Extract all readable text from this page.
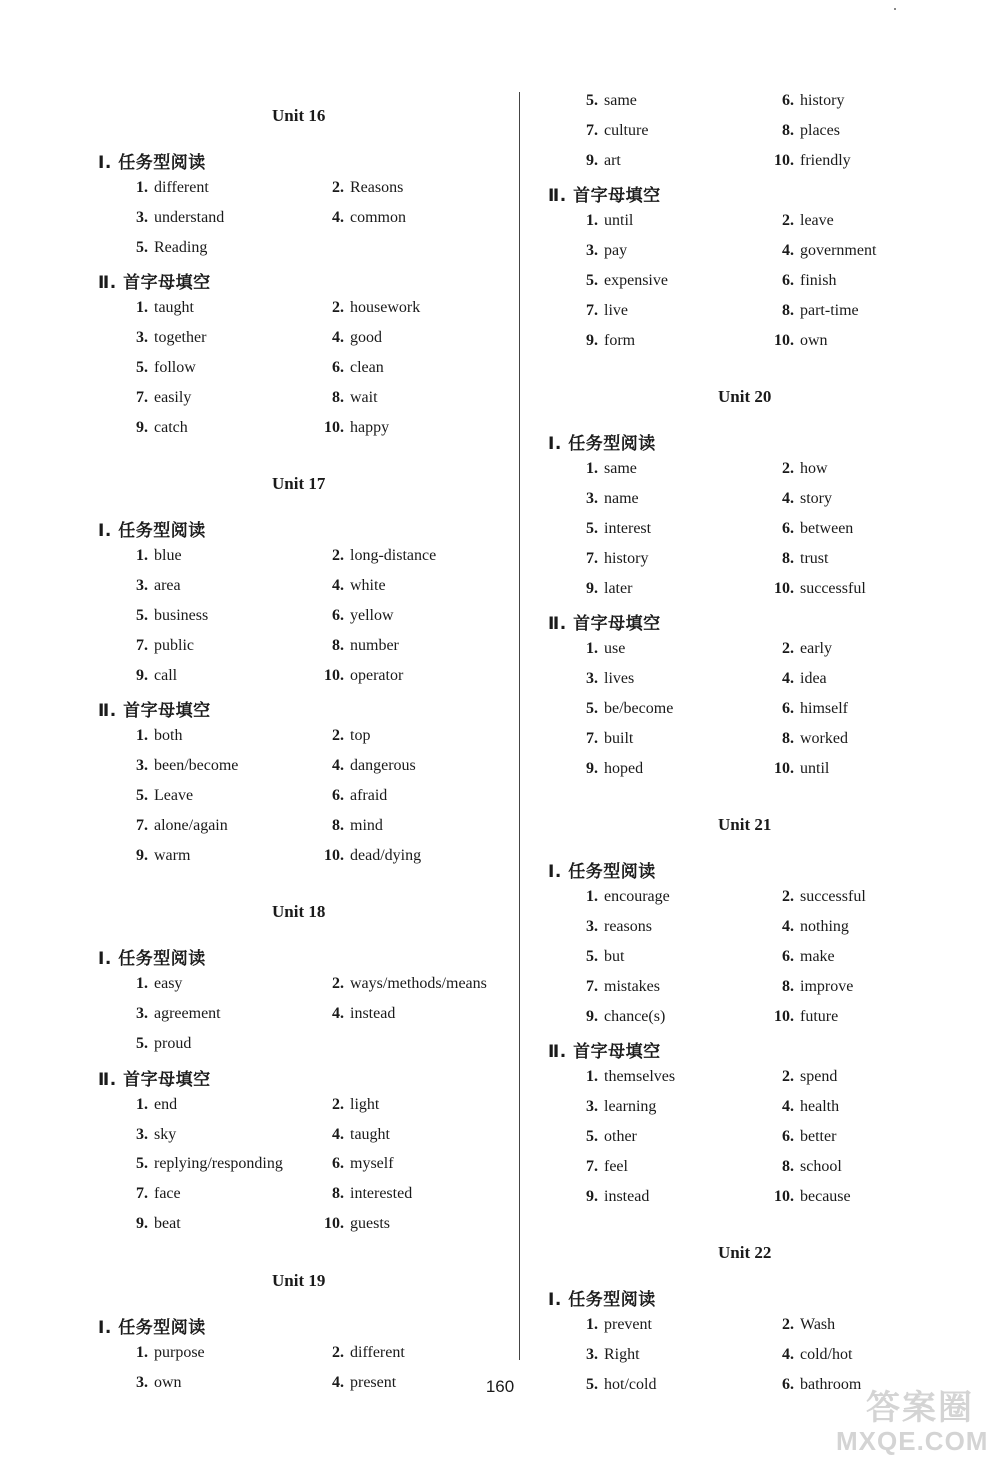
Unit 16
Ⅰ. 任务型阅读
1. different	2. Reasons
3. understand	4. common
5. Reading
Ⅱ. 首字母填空
1. taught	2. housework
3. together	4. good
5. follow	6. clean
7. easily	8. wait
9. catch	10. happy
Unit 17
Ⅰ. 任务型阅读
1. blue	2. long-distance
3. area	4. white
5. business	6. yellow
7. public	8. number
9. call	10. operator
Ⅱ. 首字母填空
1. both	2. top
3. been/become	4. dangerous
5. Leave	6. afraid
7. alone/again	8. mind
9. warm	10. dead/dying
Unit 18
Ⅰ. 任务型阅读
1. easy	2. ways/methods/means
3. agreement	4. instead
5. proud
Ⅱ. 首字母填空
1. end	2. light
3. sky	4. taught
5. replying/responding	6. myself
7. face	8. interested
9. beat	10. guests
Unit 19
Ⅰ. 任务型阅读
1. purpose	2. different
3. own	4. present
5. same	6. history
7. culture	8. places
9. art	10. friendly
Ⅱ. 首字母填空
1. until	2. leave
3. pay	4. government
5. expensive	6. finish
7. live	8. part-time
9. form	10. own
Unit 20
Ⅰ. 任务型阅读
1. same	2. how
3. name	4. story
5. interest	6. between
7. history	8. trust
9. later	10. successful
Ⅱ. 首字母填空
1. use	2. early
3. lives	4. idea
5. be/become	6. himself
7. built	8. worked
9. hoped	10. until
Unit 21
Ⅰ. 任务型阅读
1. encourage	2. successful
3. reasons	4. nothing
5. but	6. make
7. mistakes	8. improve
9. chance(s)	10. future
Ⅱ. 首字母填空
1. themselves	2. spend
3. learning	4. health
5. other	6. better
7. feel	8. school
9. instead	10. because
Unit 22
Ⅰ. 任务型阅读
1. prevent	2. Wash
3. Right	4. cold/hot
5. hot/cold	6. bathroom
160
答案圈
MXQE.COM
